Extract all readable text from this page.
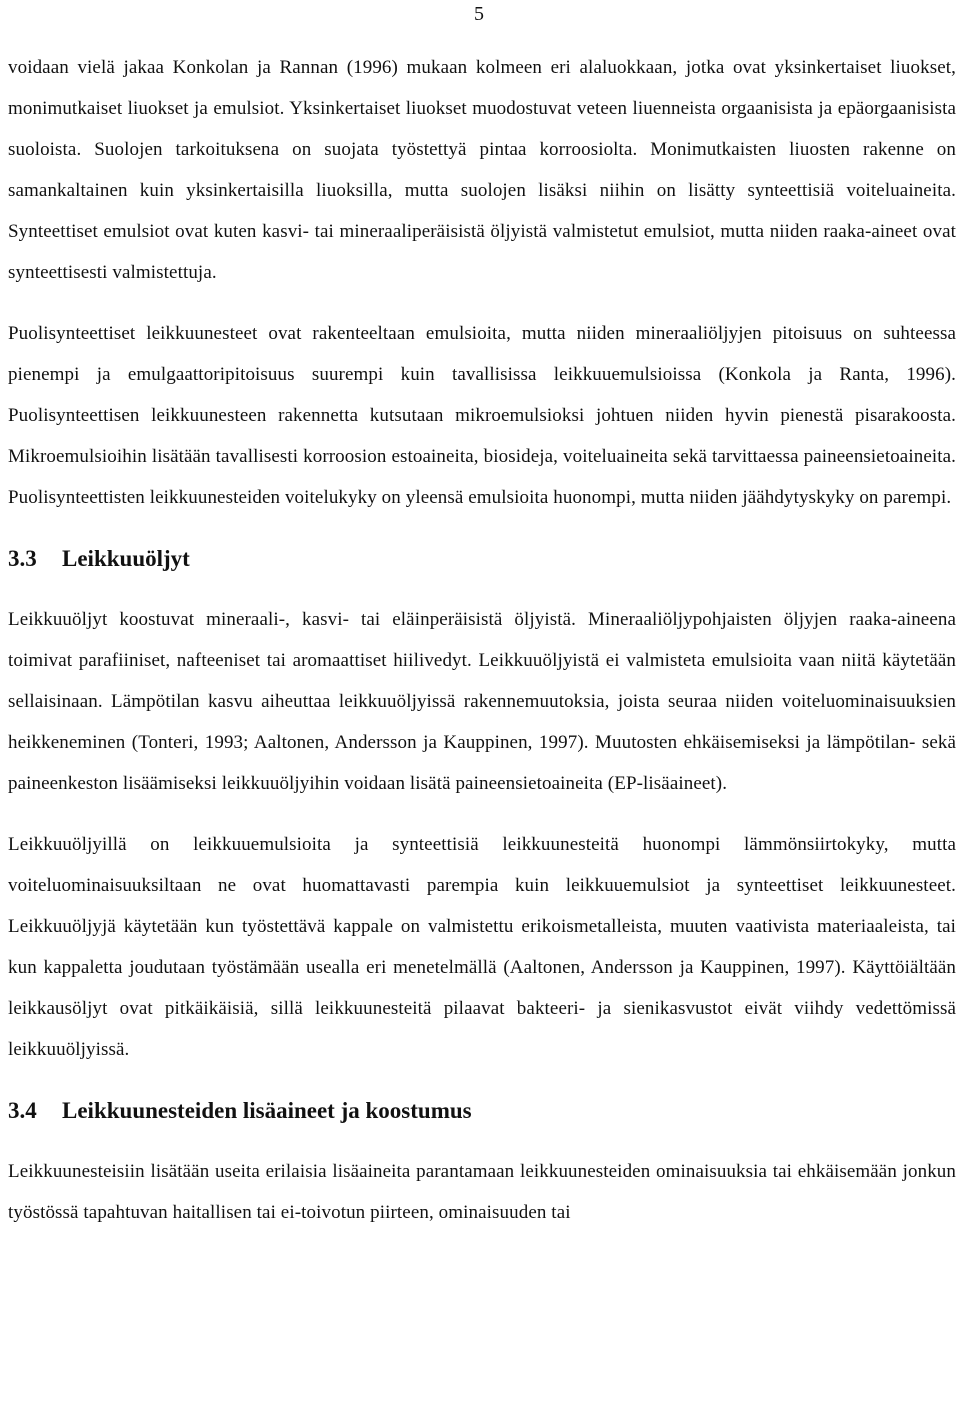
5

voidaan vielä jakaa Konkolan ja Rannan (1996) mukaan kolmeen eri alaluokkaan, jotka ovat yksinkertaiset liuokset, monimutkaiset liuokset ja emulsiot. Yksinkertaiset liuokset muodostuvat veteen liuenneista orgaanisista ja epäorgaanisista suoloista. Suolojen tarkoituksena on suojata työstettyä pintaa korroosiolta. Monimutkaisten liuosten rakenne on samankaltainen kuin yksinkertaisilla liuoksilla, mutta suolojen lisäksi niihin on lisätty synteettisiä voiteluaineita. Synteettiset emulsiot ovat kuten kasvi- tai mineraaliperäisistä öljyistä valmistetut emulsiot, mutta niiden raaka-aineet ovat synteettisesti valmistettuja.

Puolisynteettiset leikkuunesteet ovat rakenteeltaan emulsioita, mutta niiden mineraaliöljyjen pitoisuus on suhteessa pienempi ja emulgaattoripitoisuus suurempi kuin tavallisissa leikkuuemulsioissa (Konkola ja Ranta, 1996). Puolisynteettisen leikkuunesteen rakennetta kutsutaan mikroemulsioksi johtuen niiden hyvin pienestä pisarakoosta. Mikroemulsioihin lisätään tavallisesti korroosion estoaineita, biosideja, voiteluaineita sekä tarvittaessa paineensietoaineita. Puolisynteettisten leikkuunesteiden voitelukyky on yleensä emulsioita huonompi, mutta niiden jäähdytyskyky on parempi.

3.3 Leikkuuöljyt

Leikkuuöljyt koostuvat mineraali-, kasvi- tai eläinperäisistä öljyistä. Mineraaliöljypohjaisten öljyjen raaka-aineena toimivat parafiiniset, nafteeniset tai aromaattiset hiilivedyt. Leikkuuöljyistä ei valmisteta emulsioita vaan niitä käytetään sellaisinaan. Lämpötilan kasvu aiheuttaa leikkuuöljyissä rakennemuutoksia, joista seuraa niiden voiteluominaisuuksien heikkeneminen (Tonteri, 1993; Aaltonen, Andersson ja Kauppinen, 1997). Muutosten ehkäisemiseksi ja lämpötilan- sekä paineenkeston lisäämiseksi leikkuuöljyihin voidaan lisätä paineensietoaineita (EP-lisäaineet).

Leikkuuöljyillä on leikkuuemulsioita ja synteettisiä leikkuunesteitä huonompi lämmönsiirtokyky, mutta voiteluominaisuuksiltaan ne ovat huomattavasti parempia kuin leikkuuemulsiot ja synteettiset leikkuunesteet. Leikkuuöljyjä käytetään kun työstettävä kappale on valmistettu erikoismetalleista, muuten vaativista materiaaleista, tai kun kappaletta joudutaan työstämään usealla eri menetelmällä (Aaltonen, Andersson ja Kauppinen, 1997). Käyttöiältään leikkausöljyt ovat pitkäikäisiä, sillä leikkuunesteitä pilaavat bakteeri- ja sienikasvustot eivät viihdy vedettömissä leikkuuöljyissä.

3.4 Leikkuunesteiden lisäaineet ja koostumus

Leikkuunesteisiin lisätään useita erilaisia lisäaineita parantamaan leikkuunesteiden ominaisuuksia tai ehkäisemään jonkun työstössä tapahtuvan haitallisen tai ei-toivotun piirteen, ominaisuuden tai
